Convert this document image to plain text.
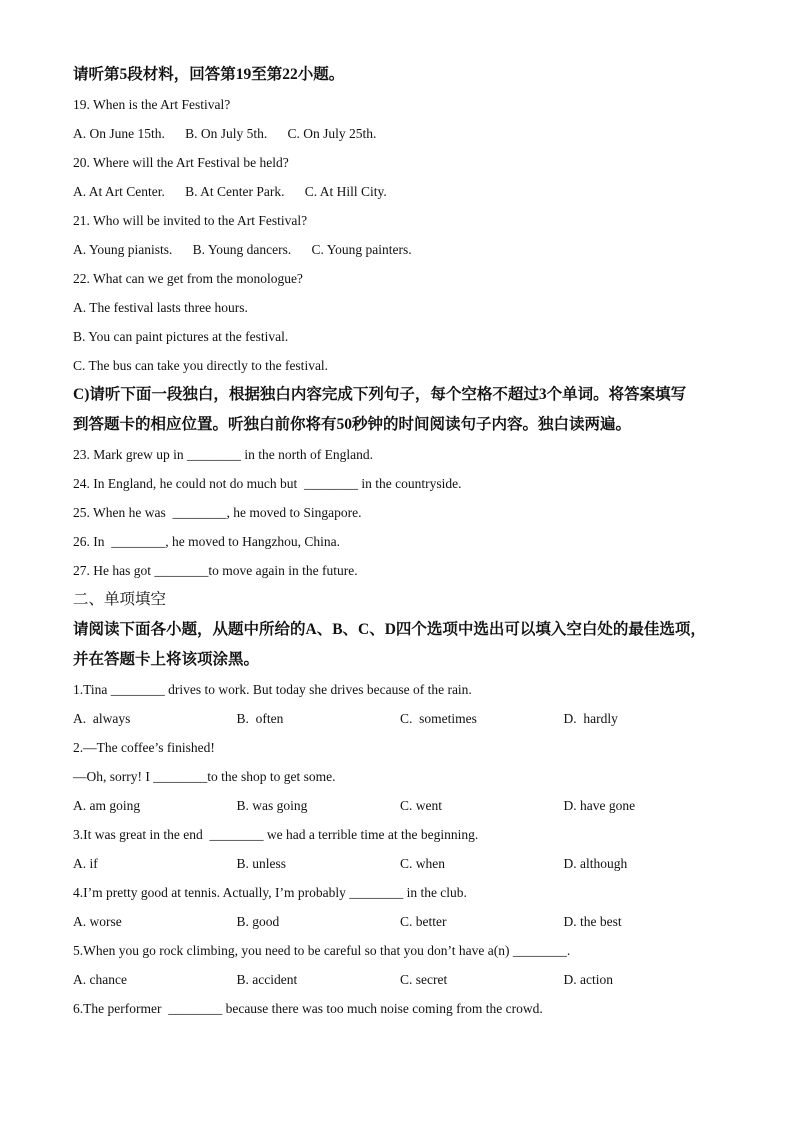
请听第5段材料，回答第19至第22小题。
19. When is the Art Festival?
A. On June 15th.      B. On July 5th.      C. On July 25th.
20. Where will the Art Festival be held?
A. At Art Center.      B. At Center Park.      C. At Hill City.
21. Who will be invited to the Art Festival?
A. Young pianists.      B. Young dancers.      C. Young painters.
22. What can we get from the monologue?
A. The festival lasts three hours.
B. You can paint pictures at the festival.
C. The bus can take you directly to the festival.
C)请听下面一段独白，根据独白内容完成下列句子，每个空格不超过3个单词。将答案填写
到答题卡的相应位置。听独白前你将有50秒钟的时间阅读句子内容。独白读两遍。
23. Mark grew up in ________ in the north of England.
24. In England, he could not do much but  ________ in the countryside.
25. When he was  ________, he moved to Singapore.
26. In  ________, he moved to Hangzhou, China.
27. He has got ________to move again in the future.
二、单项填空
请阅读下面各小题，从题中所给的A、B、C、D四个选项中选出可以填入空白处的最佳选项，
并在答题卡上将该项涂黑。
1.Tina ________ drives to work. But today she drives because of the rain.
A.  always	B.  often	C.  sometimes	D.  hardly
2.—The coffee’s finished!
—Oh, sorry! I ________to the shop to get some.
A. am going	B. was going	C. went	D. have gone
3.It was great in the end  ________ we had a terrible time at the beginning.
A. if	B. unless	C. when	D. although
4.I’m pretty good at tennis. Actually, I’m probably ________ in the club.
A. worse	B. good	C. better	D. the best
5.When you go rock climbing, you need to be careful so that you don’t have a(n) ________.
A. chance	B. accident	C. secret	D. action
6.The performer  ________ because there was too much noise coming from the crowd.
